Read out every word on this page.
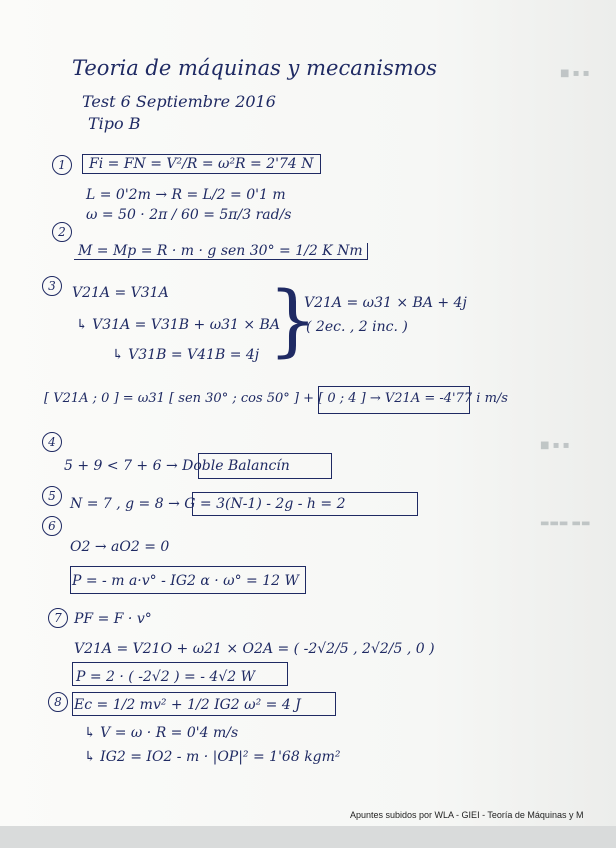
■ ▪ ▪
■ ▪ ▪
▬▬▬ ▬▬
Teoria de máquinas y mecanismos
Test 6 Septiembre 2016
Tipo B
1	Fi = FN = V²/R = ω²R = 2'74 N
L = 0'2m → R = L/2 = 0'1 m
ω = 50 · 2π / 60 = 5π/3 rad/s
2
M = Mp = R · m · g sen 30° = 1/2 K Nm
3	V21A = V31A
↳ V31A = V31B + ω31 × BA
↳ V31B = V41B = 4j }
V21A = ω31 × BA + 4j
( 2ec. , 2 inc. )
[ V21A ; 0 ] = ω31 [ sen 30° ; cos 50° ] + [ 0 ; 4 ] → V21A = -4'77 i m/s
4
5 + 9 < 7 + 6 → Doble Balancín
5	N = 7 , g = 8 → G = 3(N-1) - 2g - h = 2
6
O2 → aO2 = 0
P = - m a·v° - IG2 α · ω° = 12 W
7 PF = F · v°
V21A = V21O + ω21 × O2A = ( -2√2/5 , 2√2/5 , 0 )
P = 2 · ( -2√2 ) = - 4√2 W
8 Ec = 1/2 mv² + 1/2 IG2 ω² = 4 J
↳ V = ω · R = 0'4 m/s
↳ IG2 = IO2 - m · |OP|² = 1'68 kgm²
Apuntes subidos por WLA - GIEI - Teoría de Máquinas y M
